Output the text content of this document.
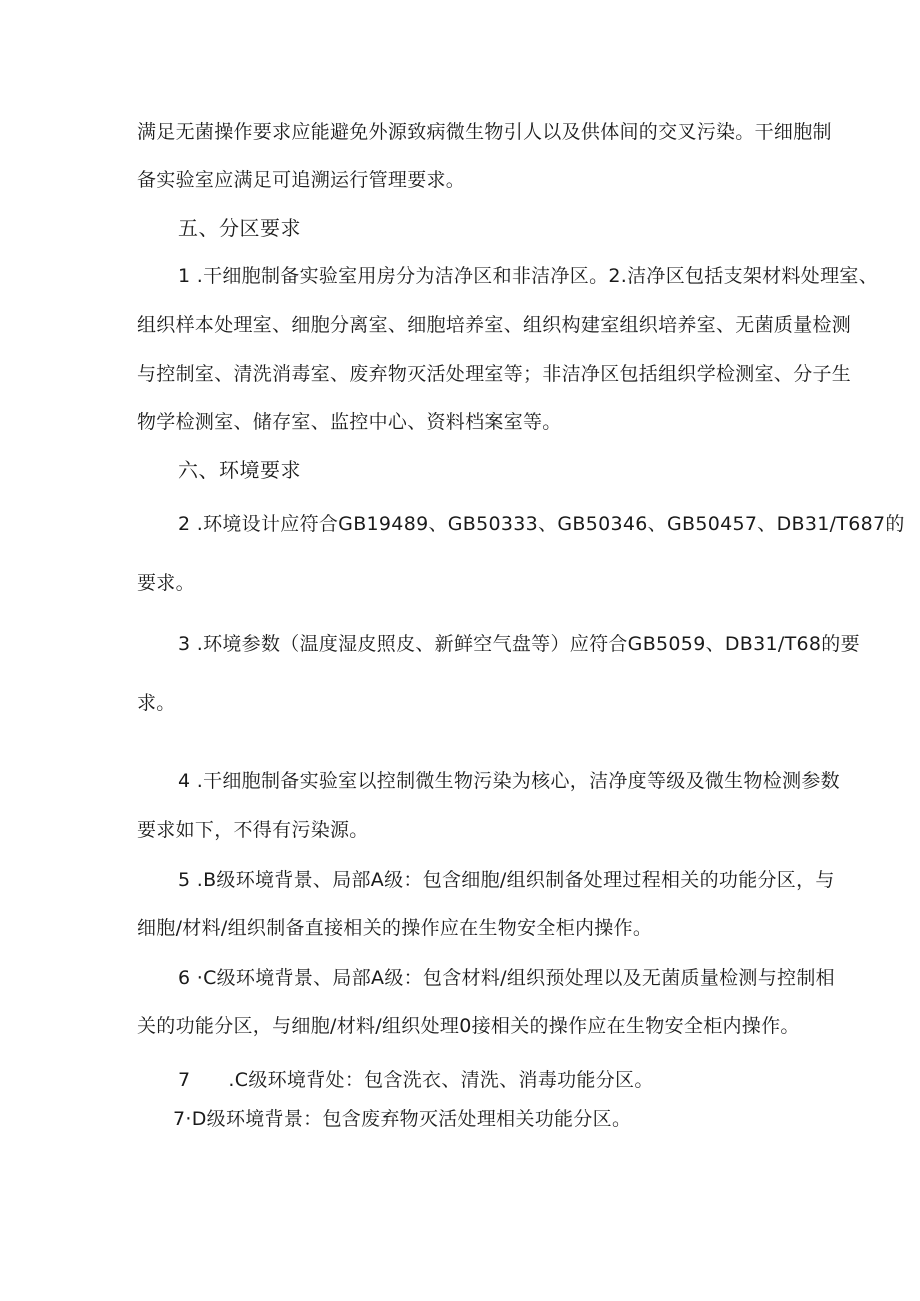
满足无菌操作要求应能避免外源致病微生物引人以及供体间的交叉污染。干细胞制
备实验室应满足可追溯运行管理要求。
五、分区要求
1 .干细胞制备实验室用房分为洁净区和非洁净区。2.洁净区包括支架材料处理室、
组织样本处理室、细胞分离室、细胞培养室、组织构建室组织培养室、无菌质量检测
与控制室、清洗消毒室、废弃物灭活处理室等；非洁净区包括组织学检测室、分子生
物学检测室、储存室、监控中心、资料档案室等。
六、环境要求
2 .环境设计应符合GB19489、GB50333、GB50346、GB50457、DB31/T687的
要求。
3 .环境参数（温度湿皮照皮、新鲜空气盘等）应符合GB5059、DB31/T68的要
求。
4 .干细胞制备实验室以控制微生物污染为核心，洁净度等级及微生物检测参数
要求如下，不得有污染源。
5 .B级环境背景、局部A级：包含细胞/组织制备处理过程相关的功能分区，与
细胞/材料/组织制备直接相关的操作应在生物安全柜内操作。
6 ·C级环境背景、局部A级：包含材料/组织预处理以及无菌质量检测与控制相
关的功能分区，与细胞/材料/组织处理0接相关的操作应在生物安全柜内操作。
7      .C级环境背处：包含洗衣、清洗、消毒功能分区。
7·D级环境背景：包含废弃物灭活处理相关功能分区。
